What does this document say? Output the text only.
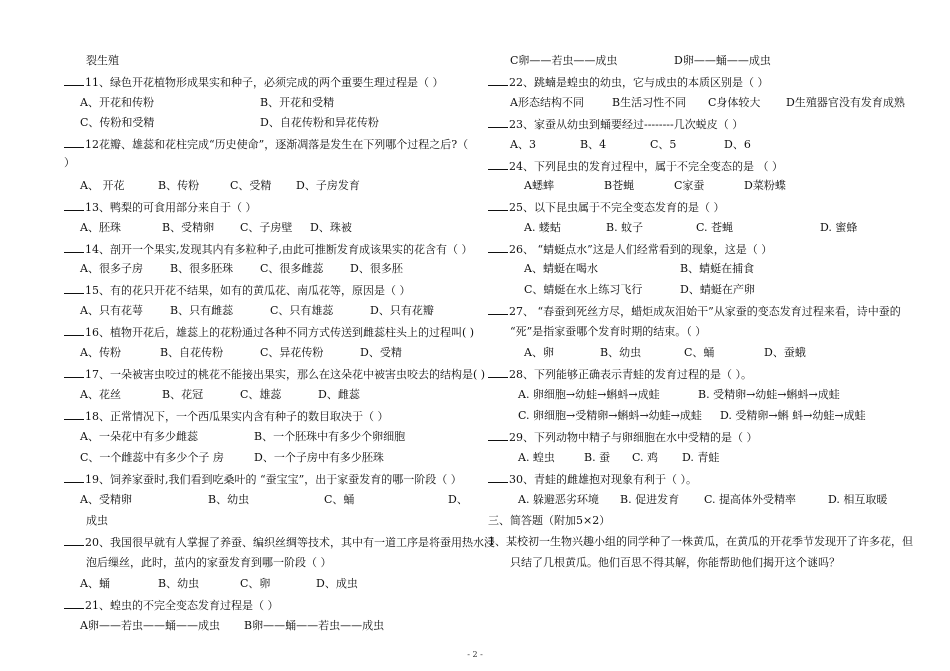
裂生殖
11、绿色开花植物形成果实和种子，必须完成的两个重要生理过程是（ ）
A、开花和传粉	B、开花和受精
C、传粉和受精	D、自花传粉和异花传粉
12花瓣、雄蕊和花柱完成“历史使命”，逐渐凋落是发生在下列哪个过程之后?（
）
A、 开花	B、传粉	C、受精 D、子房发育
13、鸭梨的可食用部分来自于（ ）
A、胚珠	B、受精卵 C、子房壁 D、珠被
14、剖开一个果实,发现其内有多粒种子,由此可推断发育成该果实的花含有（ ）
A、很多子房 B、很多胚珠 C、很多雌蕊 D、很多胚
15、有的花只开花不结果，如有的黄瓜花、南瓜花等，原因是（ ）
A、只有花萼 B、只有雌蕊	C、只有雄蕊	D、只有花瓣
16、植物开花后，雄蕊上的花粉通过各种不同方式传送到雌蕊柱头上的过程叫( )
A、传粉	B、自花传粉	C、异花传粉	D、受精
17、一朵被害虫咬过的桃花不能接出果实，那么在这朵花中被害虫咬去的结构是( )
A、花丝	B、花冠	C、雄蕊	D、雌蕊
18、正常情况下，一个西瓜果实内含有种子的数目取决于（ ）
A、一朵花中有多少雌蕊	B、一个胚珠中有多少个卵细胞
C、一个雌蕊中有多少个子 房	D、一个子房中有多少胚珠
19、饲养家蚕时,我们看到吃桑叶的 “蚕宝宝”，出于家蚕发育的哪一阶段（ ）
A、受精卵	B、幼虫	C、蛹	D、
成虫
20、我国很早就有人掌握了养蚕、编织丝绸等技术，其中有一道工序是将蚕用热水浸
泡后缫丝，此时，茧内的家蚕发育到哪一阶段（ ）
A、蛹	B、幼虫	C、卵	D、成虫
21、蝗虫的不完全变态发育过程是（ ）
A卵——若虫——蛹——成虫 B卵——蛹——若虫——成虫
C卵——若虫——成虫	D卵——蛹——成虫
22、跳蝻是蝗虫的幼虫，它与成虫的本质区别是（ ）
A形态结构不同	B生活习性不同 C身体较大 D生殖器官没有发育成熟
23、家蚕从幼虫到蛹要经过--------几次蜕皮（ ）
A、3	B、4	C、5	D、6
24、下列昆虫的发育过程中，属于不完全变态的是 （ ）
A蟋蟀	B苍蝇	C家蚕	D菜粉蝶
25、以下昆虫属于不完全变态发育的是（ ）
A. 蝼蛄	B. 蚊子	C. 苍蝇	D. 蜜蜂
26、 “蜻蜓点水”这是人们经常看到的现象，这是（ ）
A、蜻蜓在喝水	B、蜻蜓在捕食
C、蜻蜓在水上练习飞行	D、蜻蜓在产卵
27、 “春蚕到死丝方尽，蜡炬成灰泪始干”从家蚕的变态发育过程来看，诗中蚕的
“死”是指家蚕哪个发育时期的结束。（ ）
A、卵	B、幼虫	C、蛹	D、蚕蛾
28、下列能够正确表示青蛙的发育过程的是（ ）。
A. 卵细胞→幼蛙→蝌蚪→成蛙	B. 受精卵→幼蛙→蝌蚪→成蛙
C. 卵细胞→受精卵→蝌蚪→幼蛙→成蛙 D. 受精卵→蝌 蚪→幼蛙→成蛙
29、下列动物中精子与卵细胞在水中受精的是（ ）
A. 蝗虫	B. 蚕 C. 鸡 D. 青蛙
30、青蛙的雌雄抱对现象有利于（ ）。
A. 躲避恶劣环境 B. 促进发育 C. 提高体外受精率	D. 相互取暖
三、简答题（附加5×2）
1、某校初一生物兴趣小组的同学种了一株黄瓜，在黄瓜的开花季节发现开了许多花，但
只结了几根黄瓜。他们百思不得其解，你能帮助他们揭开这个谜吗？
- 2 -
